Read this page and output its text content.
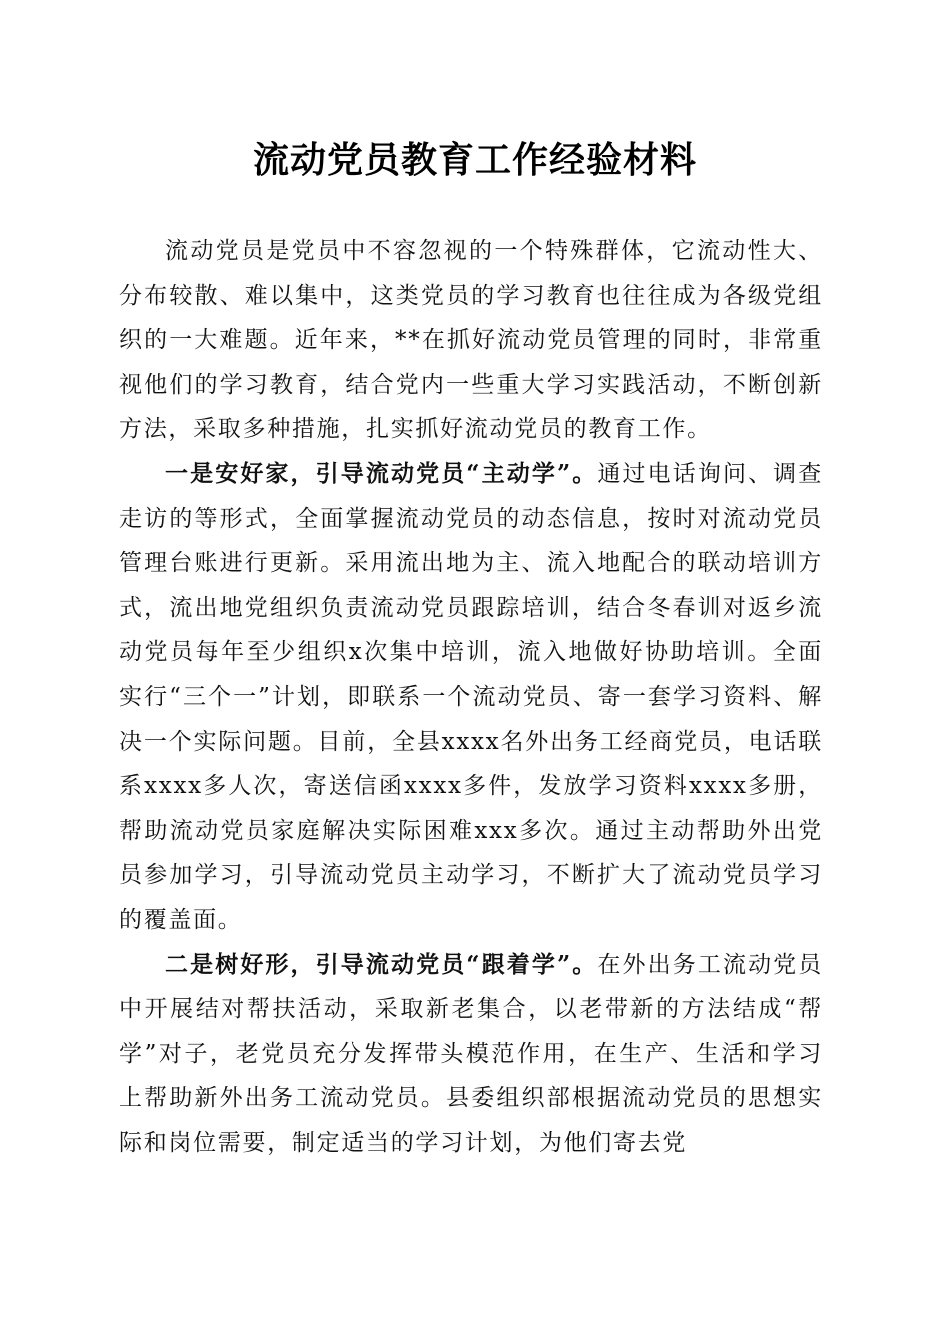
流动党员教育工作经验材料

流动党员是党员中不容忽视的一个特殊群体，它流动性大、分布较散、难以集中，这类党员的学习教育也往往成为各级党组织的一大难题。近年来，**在抓好流动党员管理的同时，非常重视他们的学习教育，结合党内一些重大学习实践活动，不断创新方法，采取多种措施，扎实抓好流动党员的教育工作。

一是安好家，引导流动党员“主动学”。通过电话询问、调查走访的等形式，全面掌握流动党员的动态信息，按时对流动党员管理台账进行更新。采用流出地为主、流入地配合的联动培训方式，流出地党组织负责流动党员跟踪培训，结合冬春训对返乡流动党员每年至少组织x次集中培训，流入地做好协助培训。全面实行“三个一”计划，即联系一个流动党员、寄一套学习资料、解决一个实际问题。目前，全县xxxx名外出务工经商党员，电话联系xxxx多人次，寄送信函xxxx多件，发放学习资料xxxx多册，帮助流动党员家庭解决实际困难xxx多次。通过主动帮助外出党员参加学习，引导流动党员主动学习，不断扩大了流动党员学习的覆盖面。

二是树好形，引导流动党员“跟着学”。在外出务工流动党员中开展结对帮扶活动，采取新老集合，以老带新的方法结成“帮学”对子，老党员充分发挥带头模范作用，在生产、生活和学习上帮助新外出务工流动党员。县委组织部根据流动党员的思想实际和岗位需要，制定适当的学习计划，为他们寄去党
